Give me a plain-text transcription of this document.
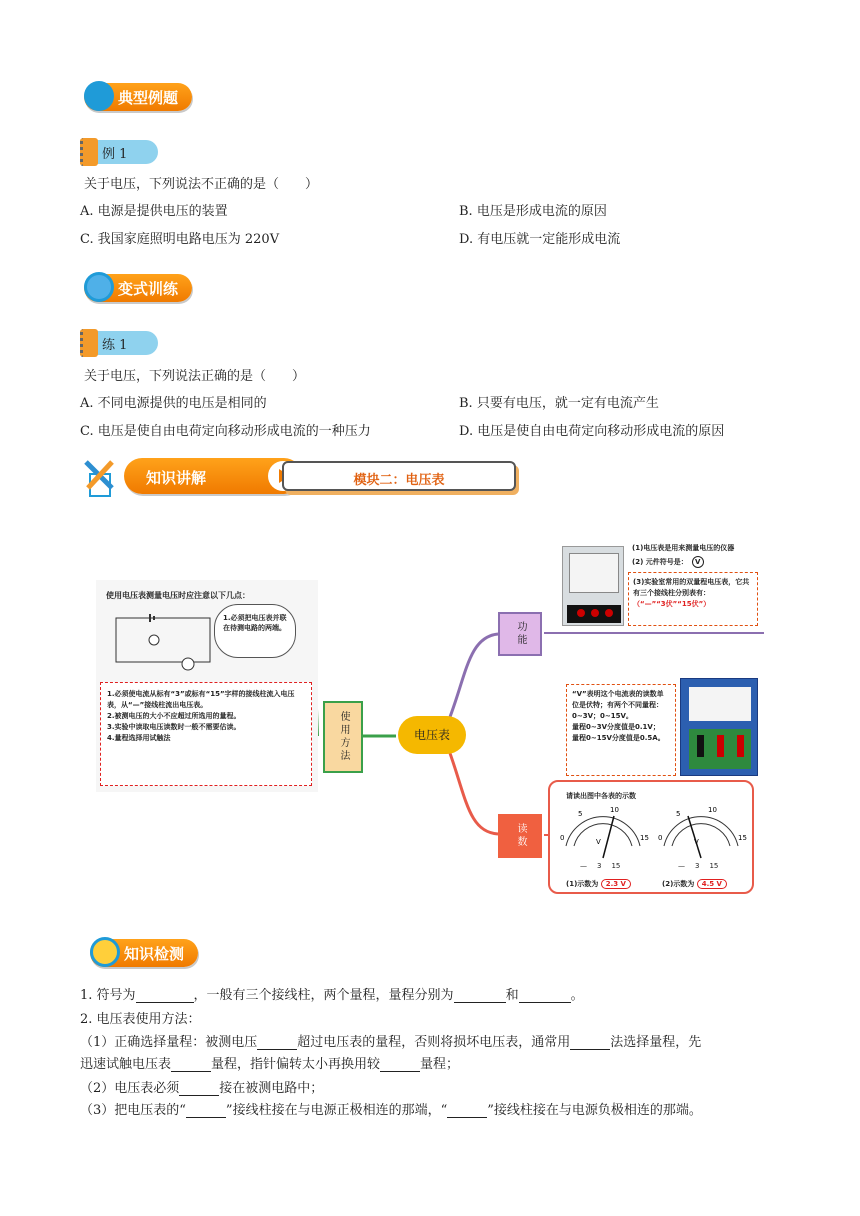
典型例题
例 1
关于电压，下列说法不正确的是（　　）
A. 电源是提供电压的装置	B. 电压是形成电流的原因
C. 我国家庭照明电路电压为 220V	D. 有电压就一定能形成电流
变式训练
练 1
关于电压，下列说法正确的是（　　）
A. 不同电源提供的电压是相同的	B. 只要有电压，就一定有电流产生
C. 电压是使自由电荷定向移动形成电流的一种压力	D. 电压是使自由电荷定向移动形成电流的原因
知识讲解	模块二：电压表
电压表
使用方法
使用电压表测量电压时应注意以下几点：
1.必须把电压表并联在待测电路的两端。
1.必须使电流从标有“3”或标有“15”字样的接线柱流入电压表，从“—”接线柱流出电压表。
2.被测电压的大小不应超过所选用的量程。
3.实验中读取电压读数时一般不需要估读。
4.量程选择用试触法
功能
(1)电压表是用来测量电压的仪器
(2) 元件符号是：	V
(3)实验室常用的双量程电压表，它共有三个接线柱分别表有：
（“—”“3伏”“15伏”）
“V”表明这个电流表的读数单位是伏特；有两个不同量程：0~3V；0~15V。
量程0~3V分度值是0.1V；
量程0~15V分度值是0.5A。
读数
请读出图中各表的示数
0
5	10
15
V	0
5	10
15
V
— 3 15	— 3 15
(1)示数为 2.3 V	(2)示数为 4.5 V
知识检测
1. 符号为	，一般有三个接线柱，两个量程，量程分别为	和	。
2. 电压表使用方法：
（1）正确选择量程：被测电压	超过电压表的量程，否则将损坏电压表，通常用	法选择量程，先
迅速试触电压表	量程，指针偏转太小再换用较	量程；
（2）电压表必须	接在被测电路中；
（3）把电压表的“	”接线柱接在与电源正极相连的那端，“	”接线柱接在与电源负极相连的那端。
